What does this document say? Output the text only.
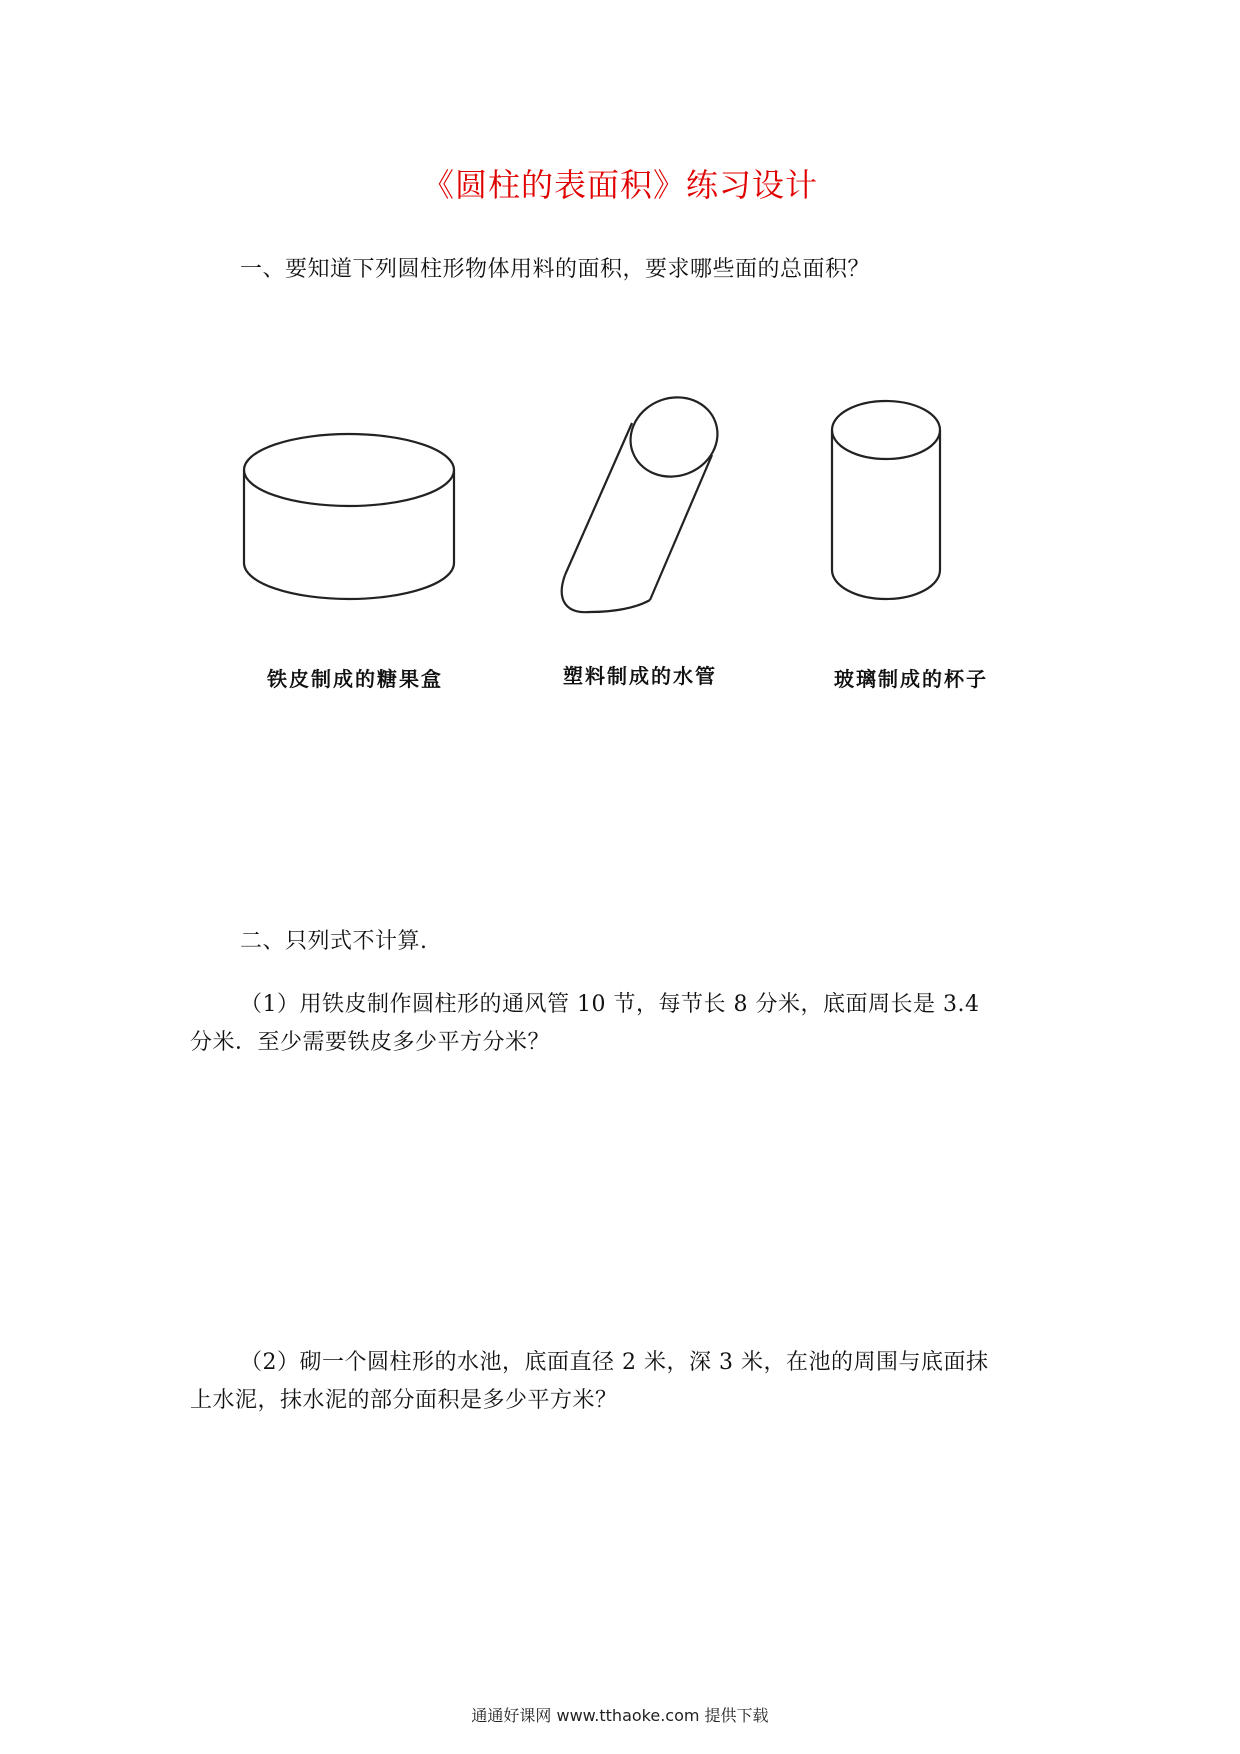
《圆柱的表面积》练习设计
一、要知道下列圆柱形物体用料的面积，要求哪些面的总面积？
铁皮制成的糖果盒	塑料制成的水管	玻璃制成的杯子
二、只列式不计算.
（1）用铁皮制作圆柱形的通风管 10 节，每节长 8 分米，底面周长是 3.4
分米．至少需要铁皮多少平方分米？
（2）砌一个圆柱形的水池，底面直径 2 米，深 3 米，在池的周围与底面抹
上水泥，抹水泥的部分面积是多少平方米？
通通好课网 www.tthaoke.com 提供下载
